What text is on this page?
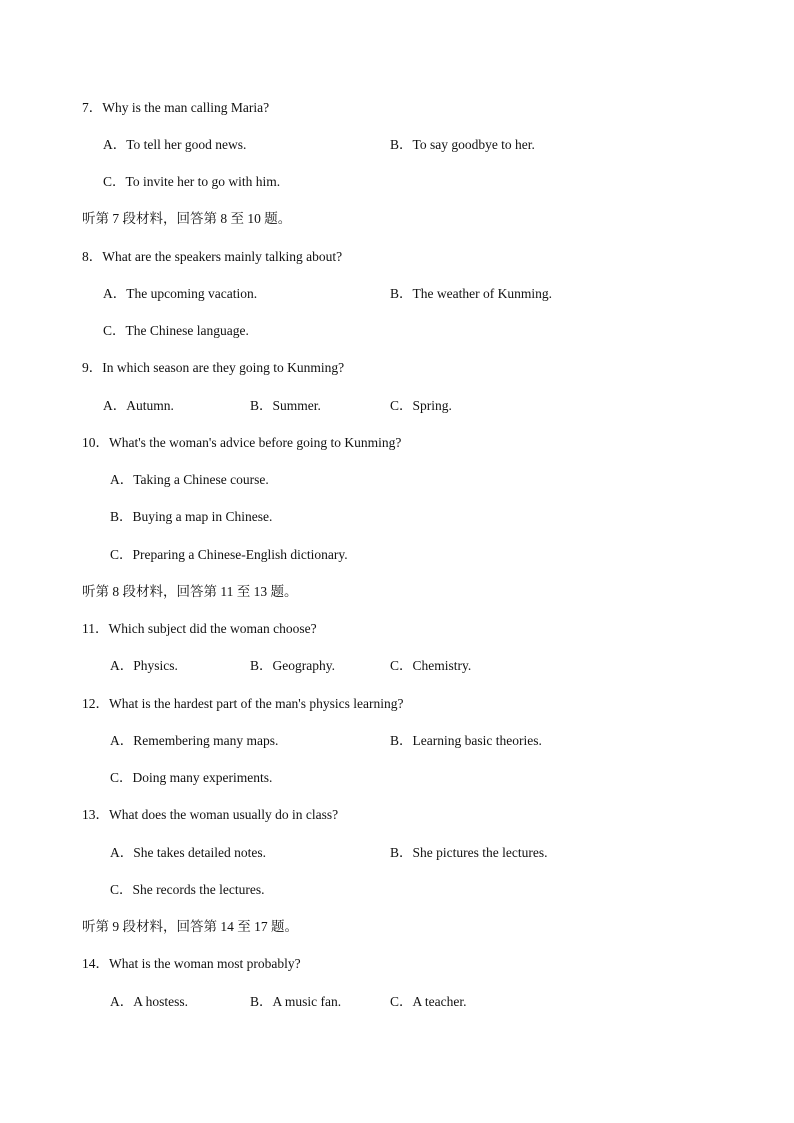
7．Why is the man calling Maria?
A．To tell her good news.	B．To say goodbye to her.
C．To invite her to go with him.
听第 7 段材料，回答第 8 至 10 题。
8．What are the speakers mainly talking about?
A．The upcoming vacation.	B．The weather of Kunming.
C．The Chinese language.
9．In which season are they going to Kunming?
A．Autumn.	B．Summer.	C．Spring.
10．What's the woman's advice before going to Kunming?
A．Taking a Chinese course.
B．Buying a map in Chinese.
C．Preparing a Chinese-English dictionary.
听第 8 段材料，回答第 11 至 13 题。
11．Which subject did the woman choose?
A．Physics.	B．Geography.	C．Chemistry.
12．What is the hardest part of the man's physics learning?
A．Remembering many maps.	B．Learning basic theories.
C．Doing many experiments.
13．What does the woman usually do in class?
A．She takes detailed notes.	B．She pictures the lectures.
C．She records the lectures.
听第 9 段材料，回答第 14 至 17 题。
14．What is the woman most probably?
A．A hostess.	B．A music fan.	C．A teacher.
